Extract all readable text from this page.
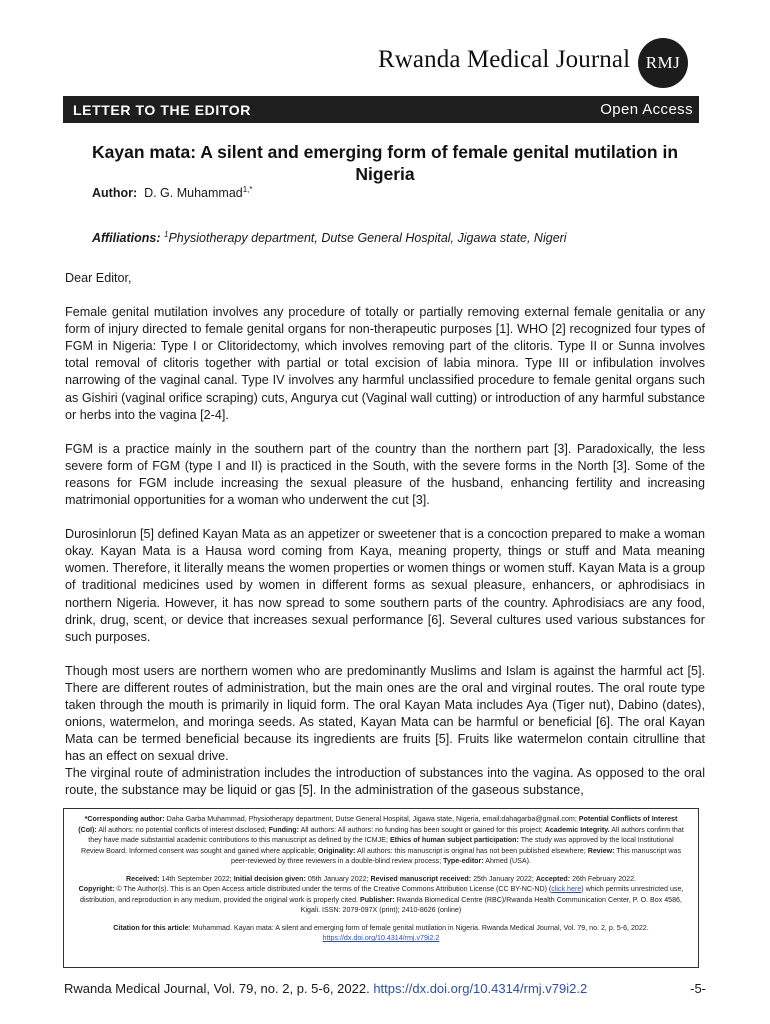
Rwanda Medical Journal RMJ
LETTER TO THE EDITOR	Open Access
Kayan mata: A silent and emerging form of female genital mutilation in Nigeria
Author: D. G. Muhammad$^{1,*}$
Affiliations: $^1$Physiotherapy department, Dutse General Hospital, Jigawa state, Nigeri

Dear Editor,

Female genital mutilation involves any procedure of totally or partially removing external female genitalia or any form of injury directed to female genital organs for non-therapeutic purposes [1]. WHO [2] recognized four types of FGM in Nigeria: Type I or Clitoridectomy, which involves removing part of the clitoris. Type II or Sunna involves total removal of clitoris together with partial or total excision of labia minora. Type III or infibulation involves narrowing of the vaginal canal. Type IV involves any harmful unclassified procedure to female genital organs such as Gishiri (vaginal orifice scraping) cuts, Angurya cut (Vaginal wall cutting) or introduction of any harmful substance or herbs into the vagina [2-4].

FGM is a practice mainly in the southern part of the country than the northern part [3]. Paradoxically, the less severe form of FGM (type I and II) is practiced in the South, with the severe forms in the North [3]. Some of the reasons for FGM include increasing the sexual pleasure of the husband, enhancing fertility and increasing matrimonial opportunities for a woman who underwent the cut [3].

Durosinlorun [5] defined Kayan Mata as an appetizer or sweetener that is a concoction prepared to make a woman okay. Kayan Mata is a Hausa word coming from Kaya, meaning property, things or stuff and Mata meaning women. Therefore, it literally means the women properties or women things or women stuff. Kayan Mata is a group of traditional medicines used by women in different forms as sexual pleasure, enhancers, or aphrodisiacs in northern Nigeria. However, it has now spread to some southern parts of the country. Aphrodisiacs are any food, drink, drug, scent, or device that increases sexual performance [6]. Several cultures used various substances for such purposes.

Though most users are northern women who are predominantly Muslims and Islam is against the harmful act [5]. There are different routes of administration, but the main ones are the oral and virginal routes. The oral route type taken through the mouth is primarily in liquid form. The oral Kayan Mata includes Aya (Tiger nut), Dabino (dates), onions, watermelon, and moringa seeds. As stated, Kayan Mata can be harmful or beneficial [6]. The oral Kayan Mata can be termed beneficial because its ingredients are fruits [5]. Fruits like watermelon contain citrulline that has an effect on sexual drive.

The virginal route of administration includes the introduction of substances into the vagina. As opposed to the oral route, the substance may be liquid or gas [5]. In the administration of the gaseous substance,

*Corresponding author: Daha Garba Muhammad, Physiotherapy department, Dutse General Hospital, Jigawa state, Nigeria, email:dahagarba@gmail.com; Potential Conflicts of Interest (CoI): All authors: no potential conflicts of interest disclosed; Funding: All authors: All authors: no funding has been sought or gained for this project; Academic Integrity. All authors confirm that they have made substantial academic contributions to this manuscript as defined by the ICMJE; Ethics of human subject participation: The study was approved by the local Institutional Review Board. Informed consent was sought and gained where applicable; Originality: All authors: this manuscript is original has not been published elsewhere; Review: This manuscript was peer-reviewed by three reviewers in a double-blind review process; Type-editor: Ahmed (USA).

Received: 14th September 2022; Initial decision given: 05th January 2022; Revised manuscript received: 25th January 2022; Accepted: 26th February 2022.
Copyright: © The Author(s). This is an Open Access article distributed under the terms of the Creative Commons Attribution License (CC BY-NC-ND) (click here) which permits unrestricted use, distribution, and reproduction in any medium, provided the original work is properly cited. Publisher: Rwanda Biomedical Centre (RBC)/Rwanda Health Communication Center, P. O. Box 4586, Kigali. ISSN: 2079-097X (print); 2410-8626 (online)

Citation for this article: Muhammad. Kayan mata: A silent and emerging form of female genital mutilation in Nigeria. Rwanda Medical Journal, Vol. 79, no. 2, p. 5-6, 2022.
https://dx.doi.org/10.4314/rmj.v79i2.2

Rwanda Medical Journal, Vol. 79, no. 2, p. 5-6, 2022. https://dx.doi.org/10.4314/rmj.v79i2.2	-5-
